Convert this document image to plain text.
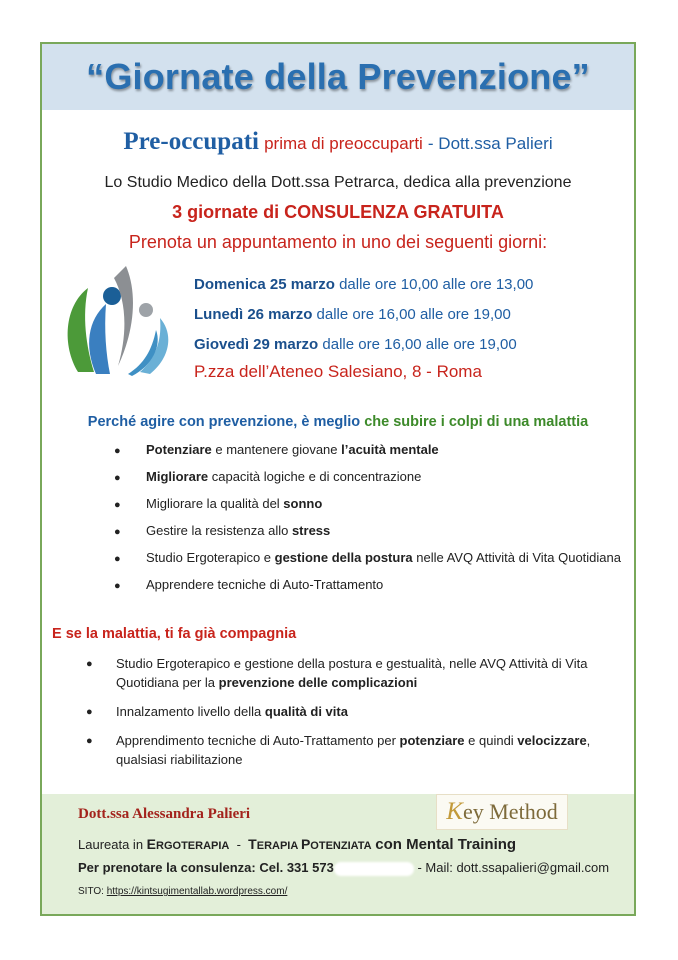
“Giornate della Prevenzione”
Pre-occupati prima di preoccuparti - Dott.ssa Palieri
Lo Studio Medico della Dott.ssa Petrarca, dedica alla prevenzione
3 giornate di CONSULENZA GRATUITA
Prenota un appuntamento in uno dei seguenti giorni:
Domenica 25 marzo dalle ore 10,00 alle ore 13,00
Lunedì 26 marzo dalle ore 16,00 alle ore 19,00
Giovedì 29 marzo dalle ore 16,00 alle ore 19,00
P.zza dell’Ateneo Salesiano, 8 - Roma
Perché agire con prevenzione, è meglio che subire i colpi di una malattia
● Potenziare e mantenere giovane l’acuità mentale
● Migliorare capacità logiche e di concentrazione
● Migliorare la qualità del sonno
● Gestire la resistenza allo stress
● Studio Ergoterapico e gestione della postura nelle AVQ Attività di Vita Quotidiana
● Apprendere tecniche di Auto-Trattamento
E se la malattia, ti fa già compagnia
● Studio Ergoterapico e gestione della postura e gestualità, nelle AVQ Attività di Vita Quotidiana per la prevenzione delle complicazioni
● Innalzamento livello della qualità di vita
● Apprendimento tecniche di Auto-Trattamento per potenziare e quindi velocizzare, qualsiasi riabilitazione
Dott.ssa Alessandra Palieri	Key Method
Laureata in ERGOTERAPIA - TERAPIA POTENZIATA con Mental Training
Per prenotare la consulenza: Cel. 331 573	- Mail: dott.ssapalieri@gmail.com
SITO: https://kintsugimentallab.wordpress.com/
